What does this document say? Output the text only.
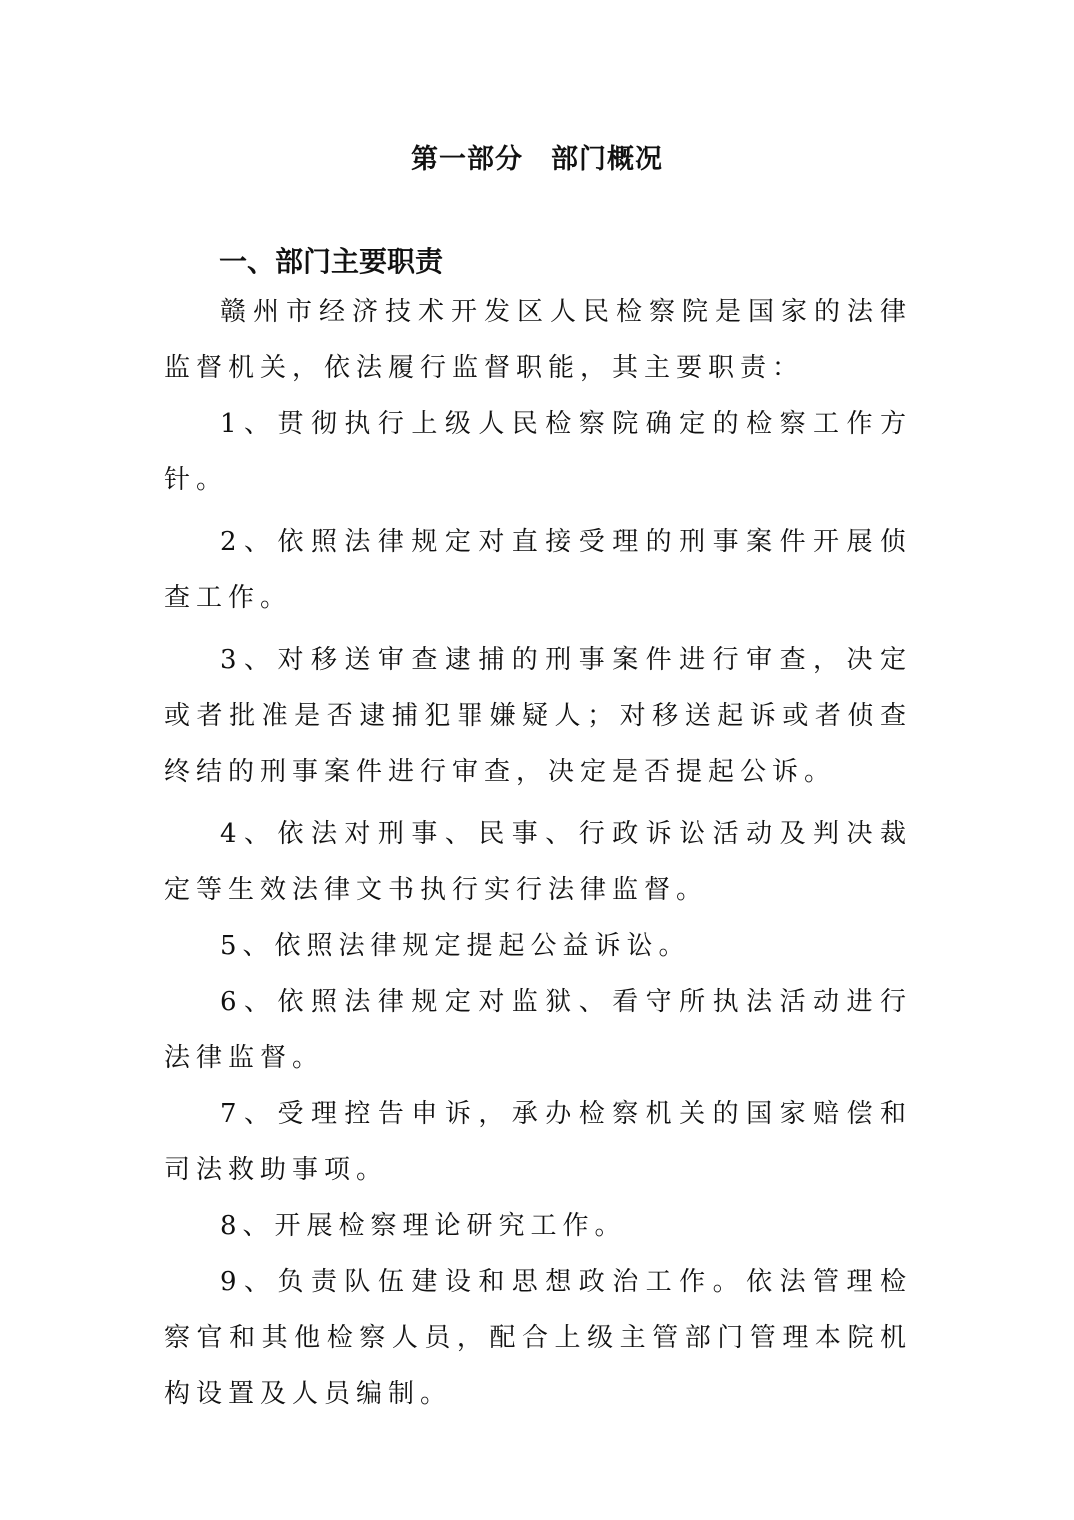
第一部分　部门概况
一、部门主要职责

赣州市经济技术开发区人民检察院是国家的法律监督机关，依法履行监督职能，其主要职责：

1、贯彻执行上级人民检察院确定的检察工作方针。

2、依照法律规定对直接受理的刑事案件开展侦查工作。

3、对移送审查逮捕的刑事案件进行审查，决定或者批准是否逮捕犯罪嫌疑人；对移送起诉或者侦查终结的刑事案件进行审查，决定是否提起公诉。

4、依法对刑事、民事、行政诉讼活动及判决裁定等生效法律文书执行实行法律监督。

5、依照法律规定提起公益诉讼。

6、依照法律规定对监狱、看守所执法活动进行法律监督。

7、受理控告申诉，承办检察机关的国家赔偿和司法救助事项。

8、开展检察理论研究工作。

9、负责队伍建设和思想政治工作。依法管理检察官和其他检察人员，配合上级主管部门管理本院机构设置及人员编制。
